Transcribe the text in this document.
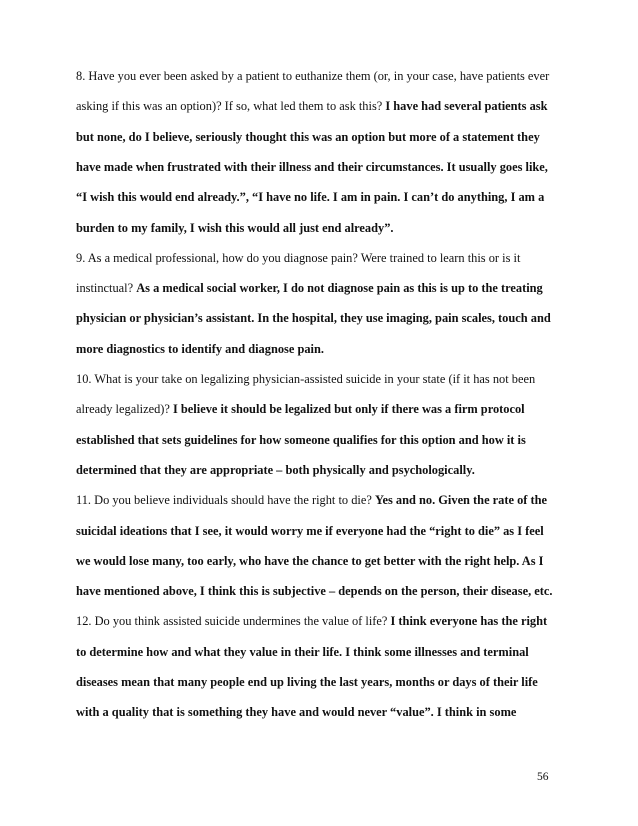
8. Have you ever been asked by a patient to euthanize them (or, in your case, have patients ever
asking if this was an option)? If so, what led them to ask this? I have had several patients ask
but none, do I believe, seriously thought this was an option but more of a statement they
have made when frustrated with their illness and their circumstances. It usually goes like,
“I wish this would end already.”, “I have no life. I am in pain. I can’t do anything, I am a
burden to my family, I wish this would all just end already”.
9. As a medical professional, how do you diagnose pain? Were trained to learn this or is it
instinctual? As a medical social worker, I do not diagnose pain as this is up to the treating
physician or physician’s assistant. In the hospital, they use imaging, pain scales, touch and
more diagnostics to identify and diagnose pain.
10. What is your take on legalizing physician-assisted suicide in your state (if it has not been
already legalized)? I believe it should be legalized but only if there was a firm protocol
established that sets guidelines for how someone qualifies for this option and how it is
determined that they are appropriate – both physically and psychologically.
11. Do you believe individuals should have the right to die? Yes and no. Given the rate of the
suicidal ideations that I see, it would worry me if everyone had the “right to die” as I feel
we would lose many, too early, who have the chance to get better with the right help. As I
have mentioned above, I think this is subjective – depends on the person, their disease, etc.
12. Do you think assisted suicide undermines the value of life? I think everyone has the right
to determine how and what they value in their life. I think some illnesses and terminal
diseases mean that many people end up living the last years, months or days of their life
with a quality that is something they have and would never “value”. I think in some
56
